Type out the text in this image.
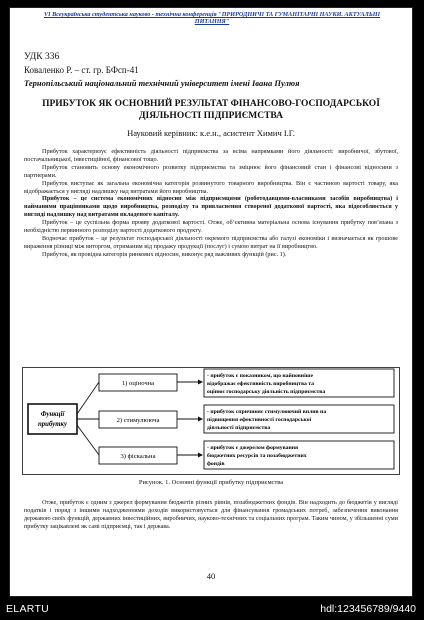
VI Всеукраїнська студентська науково - технічна конференція "ПРИРОДНИЧІ ТА ГУМАНІТАРНІ НАУКИ. АКТУАЛЬНІ ПИТАННЯ"
УДК 336
Коваленко Р. – ст. гр. БФсп-41
Тернопільський національний технічний університет імені Івана Пулюя
ПРИБУТОК ЯК ОСНОВНИЙ РЕЗУЛЬТАТ ФІНАНСОВО-ГОСПОДАРСЬКОЇ ДІЯЛЬНОСТІ ПІДПРИЄМСТВА
Науковий керівник: к.е.н., асистент Химич І.Г.

Прибуток характеризує ефективність діяльності підприємства за всіма напрямками його діяльності: виробничої, збутової, постачальницької, інвестиційної, фінансової тощо.

Прибуток становить основу економічного розвитку підприємства та зміцнює його фінансовий стан і фінансові відносини з партнерами.

Прибуток виступає як загальна економічна категорія розвинутого товарного виробництва. Він є частиною вартості товару, яка відображається у вигляді надлишку над витратами його виробництва.

Прибуток – це система економічних відносин між підприємцями (роботодавцями-власниками засобів виробництва) і найманими працівниками щодо виробництва, розподілу та привласнення створеної додаткової вартості, яка відособлюється у вигляді надлишку над витратами вкладеного капіталу.

Прибуток – це суспільна форма прояву додаткової вартості. Отже, об’єктивна матеріальна основа існування прибутку пов’язана з необхідністю первинного розподілу вартості додаткового продукту.

Водночас прибуток – це результат господарської діяльності окремого підприємства або галузі економіки і визначається як грошове вираження різниці між виторгом, отриманим від продажу продукції (послуг) і сумою витрат на її виробництво.

Прибуток, як провідна категорія ринкових відносин, виконує ряд важливих функцій (рис. 1).

Функції
прибутку
1) оціночна
2) стимулююча
3) фіскальна
- прибуток є показником, що найповніше
відображає ефективність виробництва та
оцінює господарську діяльність підприємства
- прибуток спричиняє стимулюючий вплив на
підвищення ефективності господарської
діяльності підприємства
- прибуток є джерелом формування
бюджетних ресурсів та позабюджетних
фондів
Рисунок. 1. Основні функції прибутку підприємства

Отже, прибуток є одним з джерел формування бюджетів різних рівнів, позабюджетних фондів. Він надходить до бюджетів у вигляді податків і поряд з іншими надходженнями доходів використовується для фінансування громадських потреб, забезпечення виконання державою своїх функцій, державних інвестиційних, виробничих, науково-технічних та соціальних програм. Таким чином, у збільшенні суми прибутку зацікавлені як самі підприємці, так і держава.

40
ELARTU	hdl:123456789/9440
